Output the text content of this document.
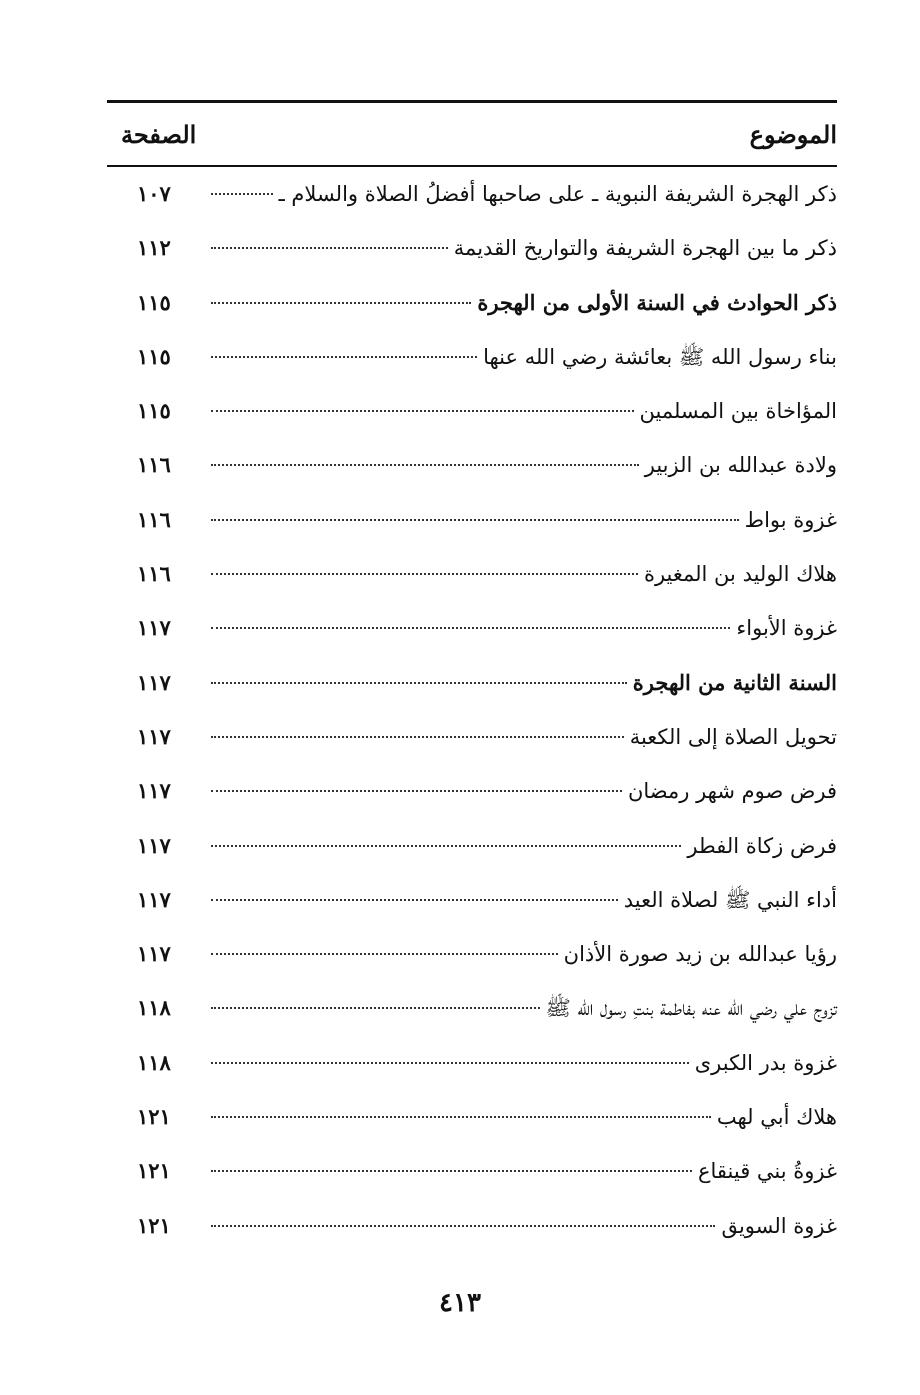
الموضوع
الصفحة
ذكر الهجرة الشريفة النبوية ـ على صاحبها أفضلُ الصلاة والسلام ـ
١٠٧
ذكر ما بين الهجرة الشريفة والتواريخ القديمة
١١٢
ذكر الحوادث في السنة الأولى من الهجرة
١١٥
بناء رسول الله ﷺ بعائشة رضي الله عنها
١١٥
المؤاخاة بين المسلمين
١١٥
ولادة عبدالله بن الزبير
١١٦
غزوة بواط
١١٦
هلاك الوليد بن المغيرة
١١٦
غزوة الأبواء
١١٧
السنة الثانية من الهجرة
١١٧
تحويل الصلاة إلى الكعبة
١١٧
فرض صوم شهر رمضان
١١٧
فرض زكاة الفطر
١١٧
أداء النبي ﷺ لصلاة العيد
١١٧
رؤيا عبدالله بن زيد صورة الأذان
١١٧
تزوج علي رضي الله عنه بفاطمة بنتِ رسول الله ﷺ
١١٨
غزوة بدر الكبرى
١١٨
هلاك أبي لهب
١٢١
غزوةُ بني قينقاع
١٢١
غزوة السويق
١٢١
٤١٣
